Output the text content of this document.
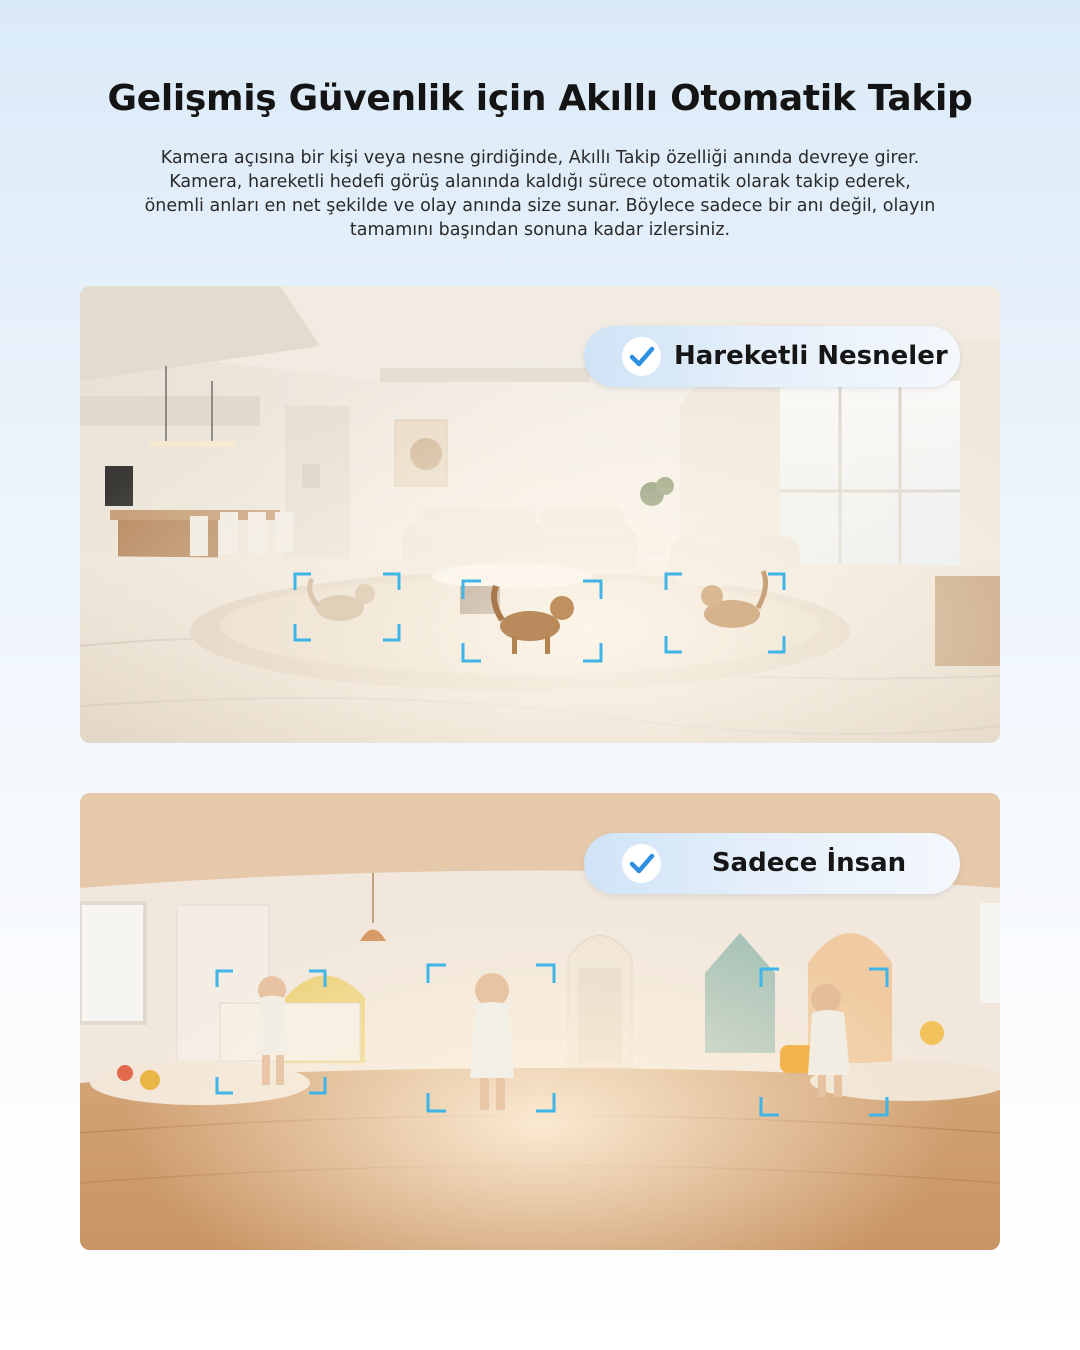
Gelişmiş Güvenlik için Akıllı Otomatik Takip

Kamera açısına bir kişi veya nesne girdiğinde, Akıllı Takip özelliği anında devreye girer.
Kamera, hareketli hedefi görüş alanında kaldığı sürece otomatik olarak takip ederek,
önemli anları en net şekilde ve olay anında size sunar. Böylece sadece bir anı değil, olayın
tamamını başından sonuna kadar izlersiniz.

Hareketli Nesneler
Sadece İnsan
